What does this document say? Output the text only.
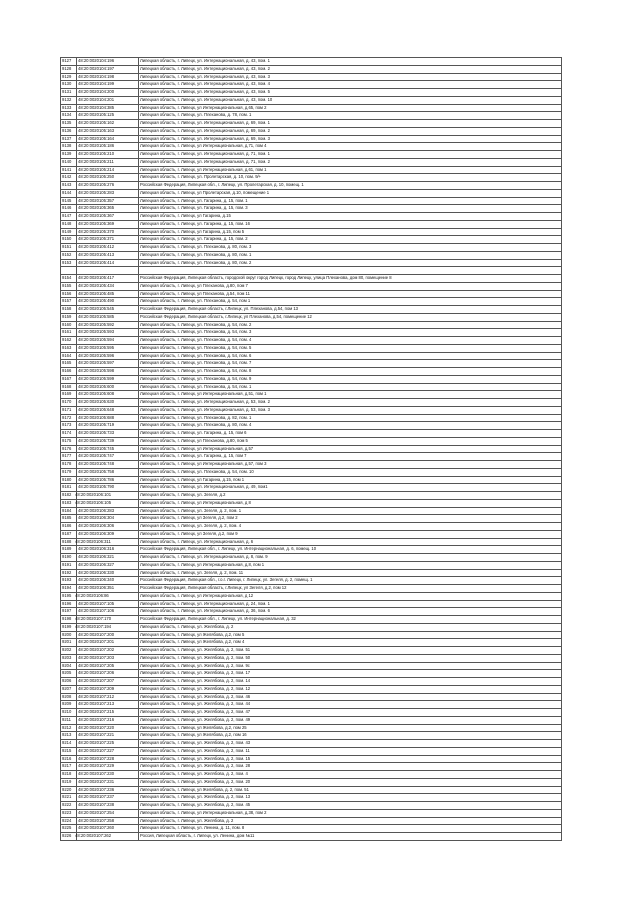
9127	48:20:0020104:196	Липецкая область, г. Липецк, ул. Интернациональная, д. 43, пом. 1
9128	48:20:0020104:197	Липецкая область, г. Липецк, ул. Интернациональная, д. 43, пом. 2
9129	48:20:0020104:198	Липецкая область, г. Липецк, ул. Интернациональная, д. 43, пом. 3
9130	48:20:0020104:199	Липецкая область, г. Липецк, ул. Интернациональная, д. 43, пом. 4
9131	48:20:0020104:200	Липецкая область, г. Липецк, ул. Интернациональная, д. 43, пом. 5
9132	48:20:0020104:201	Липецкая область, г. Липецк, ул. Интернациональная, д. 43, пом. 10
9133	48:20:0020104:385	Липецкая область, г. Липецк, ул Интернациональная, д.65, пом 2
9134	48:20:0020105:125	Липецкая область, г. Липецк, ул. Плеханова, д. 78, пом. 1
9135	48:20:0020105:162	Липецкая область, г. Липецк, ул. Интернациональная, д. 69, пом. 1
9136	48:20:0020105:163	Липецкая область, г. Липецк, ул. Интернациональная, д. 69, пом. 2
9137	48:20:0020105:164	Липецкая область, г. Липецк, ул. Интернациональная, д. 69, пом. 3
9138	48:20:0020105:186	Липецкая область, г. Липецк, ул Интернациональная, д.71, пом 4
9139	48:20:0020105:210	Липецкая область, г. Липецк, ул. Интернациональная, д. 71, пом. 1
9140	48:20:0020105:211	Липецкая область, г. Липецк, ул. Интернациональная, д. 71, пом. 2
9141	48:20:0020105:214	Липецкая область, г. Липецк, ул Интернациональная, д.61, пом 1
9142	48:20:0020105:250	Липецкая область, г. Липецк, ул. Пролетарская, д. 10, пом. 9/+
9143	48:20:0020105:276	Российская Федерация, Липецкая обл., г. Липецк, ул. Пролетарская, д. 10, помещ. 1
9144	48:20:0020105:283	Липецкая область, г. Липецк, ул Пролетарская, д.10, помещение 1
9145	48:20:0020105:357	Липецкая область, г. Липецк, ул. Гагарина, д. 15, пом. 1
9146	48:20:0020105:365	Липецкая область, г. Липецк, ул. Гагарина, д. 15, пом. 3
9147	48:20:0020105:367	Липецкая область, г. Липецк, ул Гагарина, д.15
9148	48:20:0020105:369	Липецкая область, г. Липецк, ул. Гагарина, д. 15, пом. 16
9149	48:20:0020105:370	Липецкая область, г. Липецк, ул Гагарина, д.15, пом 5
9150	48:20:0020105:371	Липецкая область, г. Липецк, ул. Гагарина, д. 15, пом. 2
9151	48:20:0020105:412	Липецкая область, г. Липецк, ул. Плеханова, д. 80, пом. 3
9152	48:20:0020105:413	Липецкая область, г. Липецк, ул. Плеханова, д. 80, пом. 1
9153	48:20:0020105:414	Липецкая область, г. Липецк, ул. Плеханова, д. 80, пом. 2

9154	48:20:0020105:417	Российская Федерация, Липецкая область, городской округ город Липецк, город Липецк, улица Плеханова, дом 80, помещение 8
9155	48:20:0020105:434	Липецкая область, г. Липецк, ул Плеханова, д.80, пом 7
9156	48:20:0020105:485	Липецкая область, г. Липецк, ул Плеханова, д.54, пом 11
9157	48:20:0020105:490	Липецкая область, г. Липецк, ул. Плеханова, д. 54, пом 1
9158	48:20:0020105:545	Российская Федерация, Липецкая область, г.Липецк, ул. Плеханова, д.54, пом 13
9159	48:20:0020105:585	Российская Федерация, Липецкая область, г.Липецк, ул Плеханова, д.54, помещение 12
9160	48:20:0020105:592	Липецкая область, г. Липецк, ул. Плеханова, д. 54, пом. 2
9161	48:20:0020105:593	Липецкая область, г. Липецк, ул. Плеханова, д. 54, пом. 3
9162	48:20:0020105:594	Липецкая область, г. Липецк, ул. Плеханова, д. 54, пом. 4
9163	48:20:0020105:595	Липецкая область, г. Липецк, ул. Плеханова, д. 54, пом. 5
9164	48:20:0020105:596	Липецкая область, г. Липецк, ул. Плеханова, д. 54, пом. 6
9165	48:20:0020105:597	Липецкая область, г. Липецк, ул. Плеханова, д. 54, пом. 7
9166	48:20:0020105:598	Липецкая область, г. Липецк, ул. Плеханова, д. 54, пом. 8
9167	48:20:0020105:599	Липецкая область, г. Липецк, ул. Плеханова, д. 54, пом. 9
9168	48:20:0020105:600	Липецкая область, г. Липецк, ул. Плеханова, д. 54, пом. 1
9169	48:20:0020105:608	Липецкая область, г. Липецк, ул Интернациональная, д.51, пом 1
9170	48:20:0020105:630	Липецкая область, г. Липецк, ул. Интернациональная, д. 53, пом. 2
9171	48:20:0020105:648	Липецкая область, г. Липецк, ул. Интернациональная, д. 53, пом. 3
9172	48:20:0020105:688	Липецкая область, г. Липецк, ул. Плеханова, д. 82, пом. 1
9173	48:20:0020105:719	Липецкая область, г. Липецк, ул. Плеханова, д. 80, пом. 4
9174	48:20:0020105:733	Липецкая область, г. Липецк, ул. Гагарина, д. 15, пом 6
9175	48:20:0020105:739	Липецкая область, г. Липецк, ул Плеханова, д.80, пом 5
9176	48:20:0020105:745	Липецкая область, г. Липецк, ул Интернациональная, д.57
9177	48:20:0020105:747	Липецкая область, г. Липецк, ул. Гагарина, д. 15, пом 7
9178	48:20:0020105:748	Липецкая область, г. Липецк, ул Интернациональная, д.57, пом 3
9179	48:20:0020105:758	Липецкая область, г. Липецк, ул. Плеханова, д. 54, пом. 10
9180	48:20:0020105:786	Липецкая область, г. Липецк, ул Гагарина, д.15, пом 1
9181	48:20:0020105:790	Липецкая область, г. Липецк, ул. Интернациональная, д. 49, пом1
9182 48:20:0020106:101		Липецкая область, г. Липецк, ул. Зегеля, д.2
9183 48:20:0020106:105		Липецкая область, г. Липецк, ул Интернациональная, д 8
9184	48:20:0020106:283	Липецкая область, г. Липецк, ул. Зегеля, д. 2, пом. 1
9185	48:20:0020106:304	Липецкая область, г. Липецк, ул Зегеля, д.2, пом 2
9186	48:20:0020106:306	Липецкая область, г. Липецк, ул. Зегеля, д. 2, пом. 4
9187	48:20:0020106:309	Липецкая область, г. Липецк, ул Зегеля, д.2, пом 9
9188 48:20:0020106:311		Липецкая область, г. Липецк, ул. Интернациональная, д. 6
9189	48:20:0020106:316	Российская Федерация, Липецкая обл., г. Липецк, ул. Интернациональная, д. 6, помещ. 10
9190	48:20:0020106:321	Липецкая область, г. Липецк, ул. Интернациональная, д. 8, пом. 9
9191	48:20:0020106:327	Липецкая область, г. Липецк, ул Интернациональная, д.8, пом 1
9192	48:20:0020106:330	Липецкая область, г. Липецк, ул. Зегеля, д. 2, пом. 11
9193	48:20:0020106:340	Российская Федерация, Липецкая обл., г.о.г. Липецк, г. Липецк, ул. Зегеля, д. 2, помещ. 1
9194	48:20:0020106:351	Российская Федерация, Липецкая область, г.Липецк, ул Зегеля, д.2, пом 12
9195 48:20:0020106:86		Липецкая область, г. Липецк, ул Интернациональная, д 12
9196	48:20:0020107:105	Липецкая область, г. Липецк, ул. Интернациональная, д. 24, пом. 1
9197	48:20:0020107:106	Липецкая область, г. Липецк, ул. Интернациональная, д. 36, пом. 6
9198 48:20:0020107:170		Российская Федерация, Липецкая обл., г. Липецк, ул. Интернациональная, д. 32
9199 48:20:0020107:194		Липецкая область, г. Липецк, ул. Желябова, д. 2
9200	48:20:0020107:200	Липецкая область, г. Липецк, ул Желябова, д.2, пом 5
9201	48:20:0020107:201	Липецкая область, г. Липецк, ул Желябова, д.2, пом 4
9202	48:20:0020107:202	Липецкая область, г. Липецк, ул. Желябова, д. 2, пом. 51
9203	48:20:0020107:203	Липецкая область, г. Липецк, ул. Желябова, д. 2, пом. 50
9204	48:20:0020107:205	Липецкая область, г. Липецк, ул. Желябова, д. 2, пом. 9с
9205	48:20:0020107:206	Липецкая область, г. Липецк, ул. Желябова, д. 2, пом. 17
9206	48:20:0020107:207	Липецкая область, г. Липецк, ул. Желябова, д. 2, пом. 14
9207	48:20:0020107:209	Липецкая область, г. Липецк, ул. Желябова, д. 2, пом. 12
9208	48:20:0020107:212	Липецкая область, г. Липецк, ул. Желябова, д. 2, пом. 46
9209	48:20:0020107:213	Липецкая область, г. Липецк, ул. Желябова, д. 2, пом. 44
9210	48:20:0020107:215	Липецкая область, г. Липецк, ул. Желябова, д. 2, пом. 47
9211	48:20:0020107:216	Липецкая область, г. Липецк, ул. Желябова, д. 2, пом. 49
9212	48:20:0020107:220	Липецкая область, г. Липецк, ул Желябова, д.2, пом 25
9213	48:20:0020107:221	Липецкая область, г. Липецк, ул Желябова, д.2, пом 16
9214	48:20:0020107:225	Липецкая область, г. Липецк, ул. Желябова, д. 2, пом. 43
9215	48:20:0020107:227	Липецкая область, г. Липецк, ул. Желябова, д. 2, пом. 11
9216	48:20:0020107:228	Липецкая область, г. Липецк, ул. Желябова, д. 2, пом. 15
9217	48:20:0020107:229	Липецкая область, г. Липецк, ул. Желябова, д. 2, пом. 28
9218	48:20:0020107:230	Липецкая область, г. Липецк, ул. Желябова, д. 2, пом. 4
9219	48:20:0020107:231	Липецкая область, г. Липецк, ул. Желябова, д. 2, пом. 20
9220	48:20:0020107:236	Липецкая область, г. Липецк, ул Желябова, д. 2, пом. 51
9221	48:20:0020107:237	Липецкая область, г. Липецк, ул. Желябова, д. 2, пом. 13
9222	48:20:0020107:238	Липецкая область, г. Липецк, ул. Желябова, д. 2, пом. 45
9223	48:20:0020107:254	Липецкая область, г. Липецк, ул Интернациональная, д.38, пом 2
9224	48:20:0020107:258	Липецкая область, г. Липецк, ул. Желябова, д. 2
9225	48:20:0020107:260	Липецкая область, г. Липецк, ул. Ленина, д. 11, пом. 8
9226 48:20:0020107:262		Россия, Липецкая область, г. Липецк, ул. Ленина, дом №11
